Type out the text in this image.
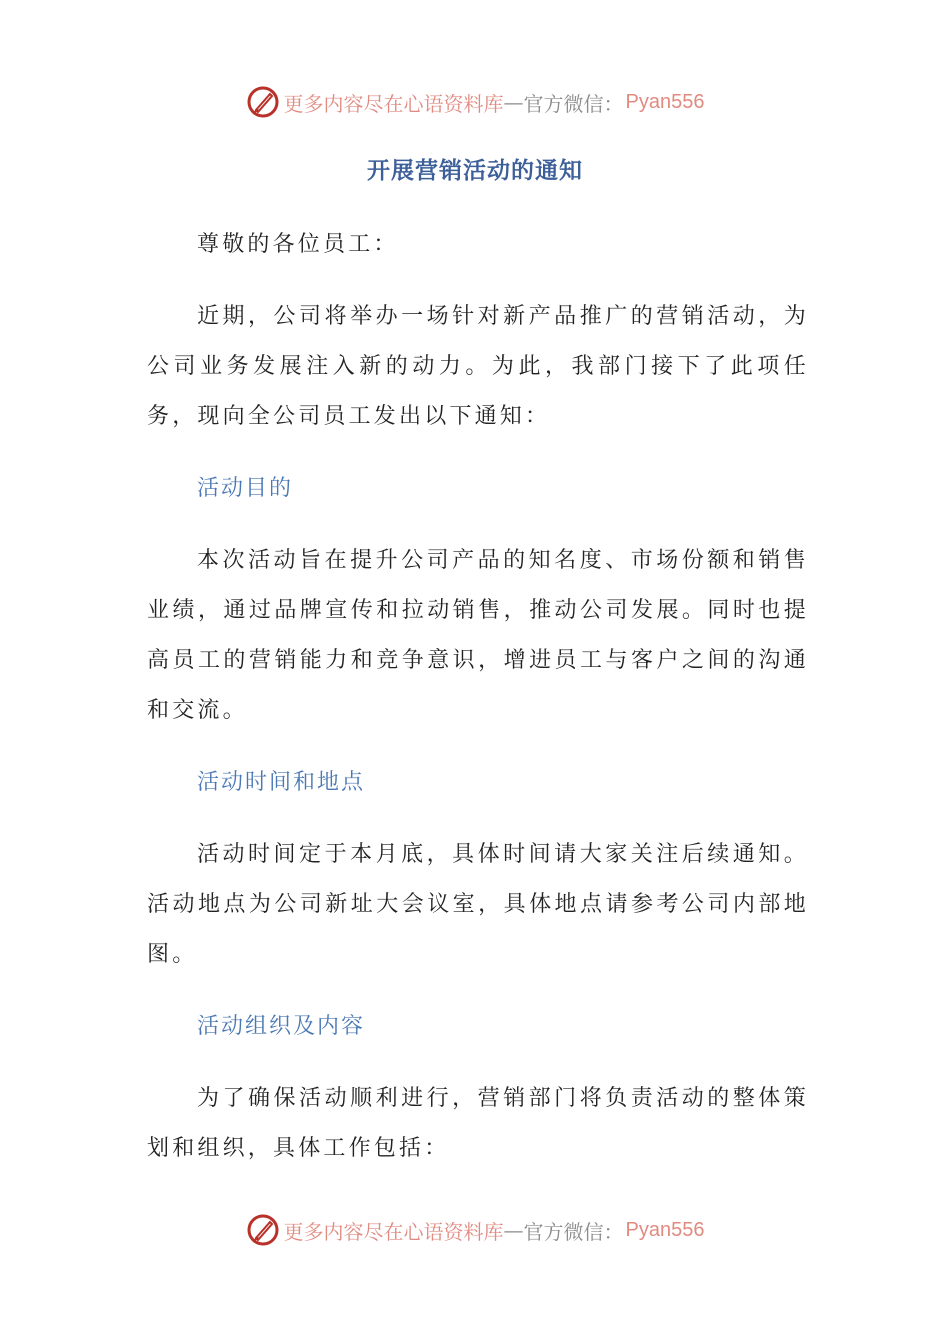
更多内容尽在心语资料库 — 官方微信： Pyan556
开展营销活动的通知

尊敬的各位员工：

近期，公司将举办一场针对新产品推广的营销活动，为公司业务发展注入新的动力。为此，我部门接下了此项任务，现向全公司员工发出以下通知：

活动目的

本次活动旨在提升公司产品的知名度、市场份额和销售业绩，通过品牌宣传和拉动销售，推动公司发展。同时也提高员工的营销能力和竞争意识，增进员工与客户之间的沟通和交流。

活动时间和地点

活动时间定于本月底，具体时间请大家关注后续通知。活动地点为公司新址大会议室，具体地点请参考公司内部地图。

活动组织及内容

为了确保活动顺利进行，营销部门将负责活动的整体策划和组织，具体工作包括：

更多内容尽在心语资料库 — 官方微信： Pyan556
